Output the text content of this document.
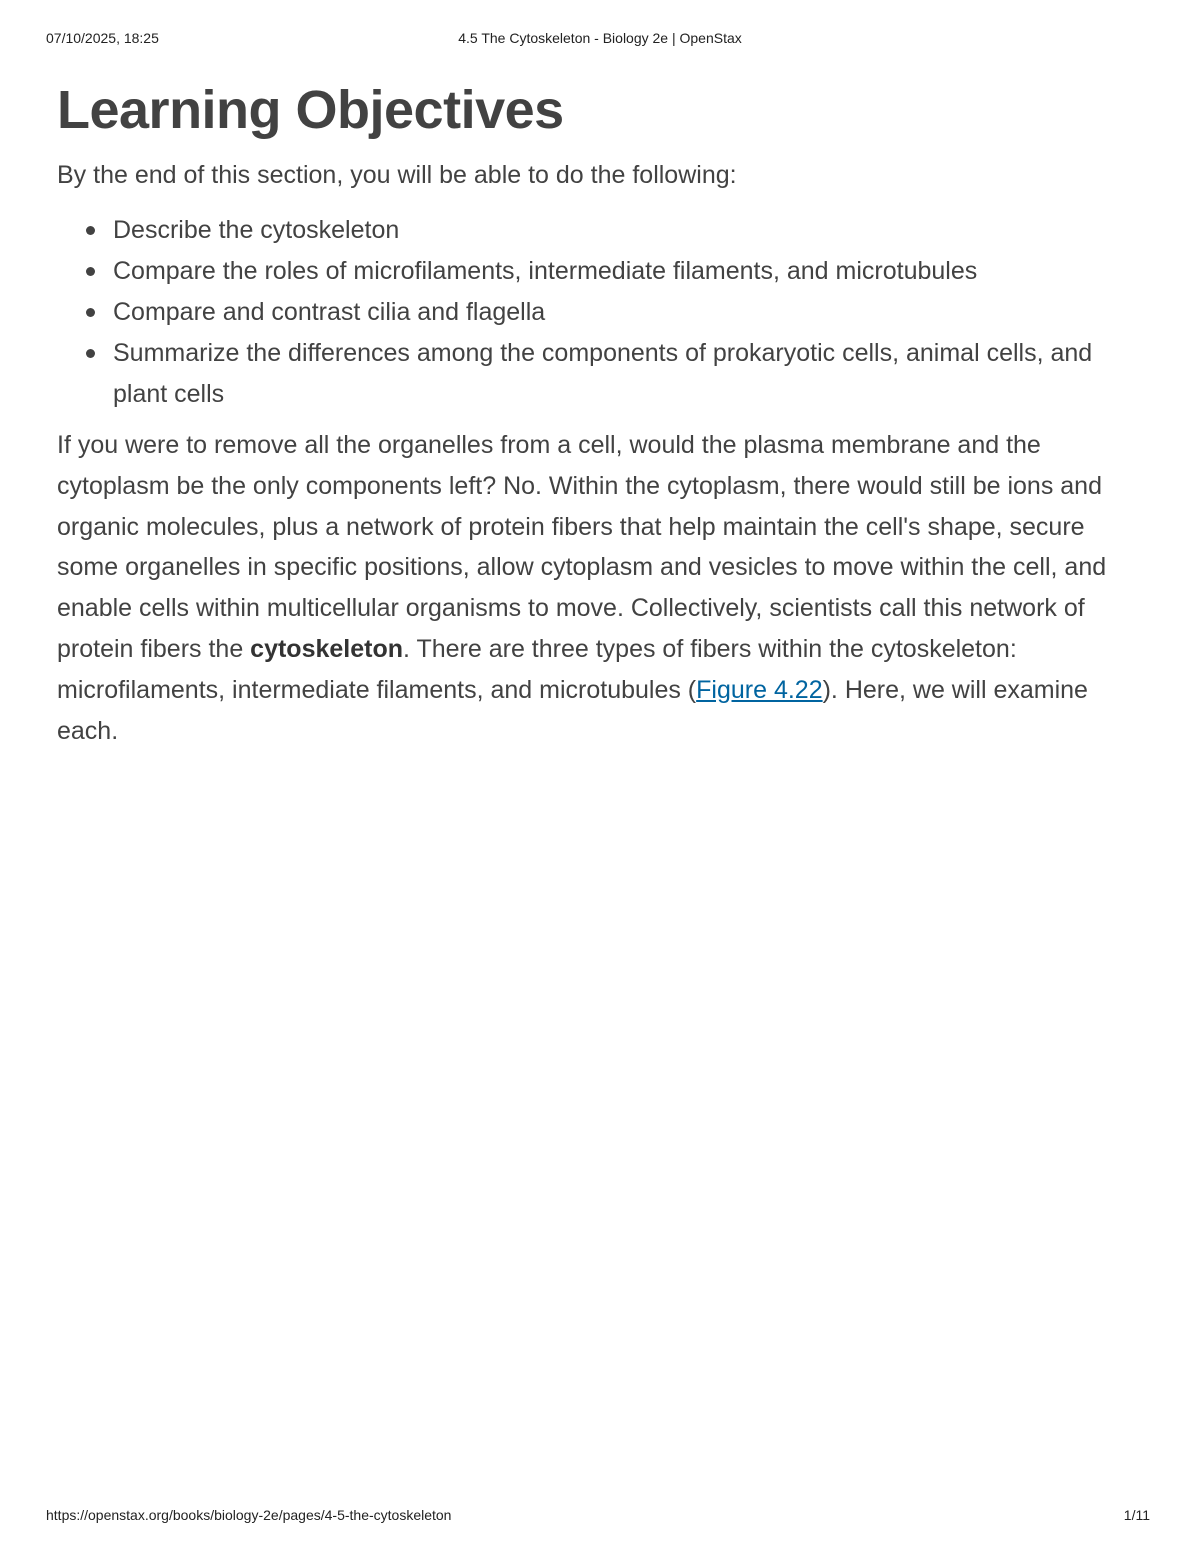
07/10/2025, 18:25	4.5 The Cytoskeleton - Biology 2e | OpenStax
Learning Objectives

By the end of this section, you will be able to do the following:

Describe the cytoskeleton
Compare the roles of microfilaments, intermediate filaments, and microtubules
Compare and contrast cilia and flagella
Summarize the differences among the components of prokaryotic cells, animal cells, and plant cells

If you were to remove all the organelles from a cell, would the plasma membrane and the cytoplasm be the only components left? No. Within the cytoplasm, there would still be ions and organic molecules, plus a network of protein fibers that help maintain the cell's shape, secure some organelles in specific positions, allow cytoplasm and vesicles to move within the cell, and enable cells within multicellular organisms to move. Collectively, scientists call this network of protein fibers the cytoskeleton. There are three types of fibers within the cytoskeleton: microfilaments, intermediate filaments, and microtubules (Figure 4.22). Here, we will examine each.

https://openstax.org/books/biology-2e/pages/4-5-the-cytoskeleton	1/11
